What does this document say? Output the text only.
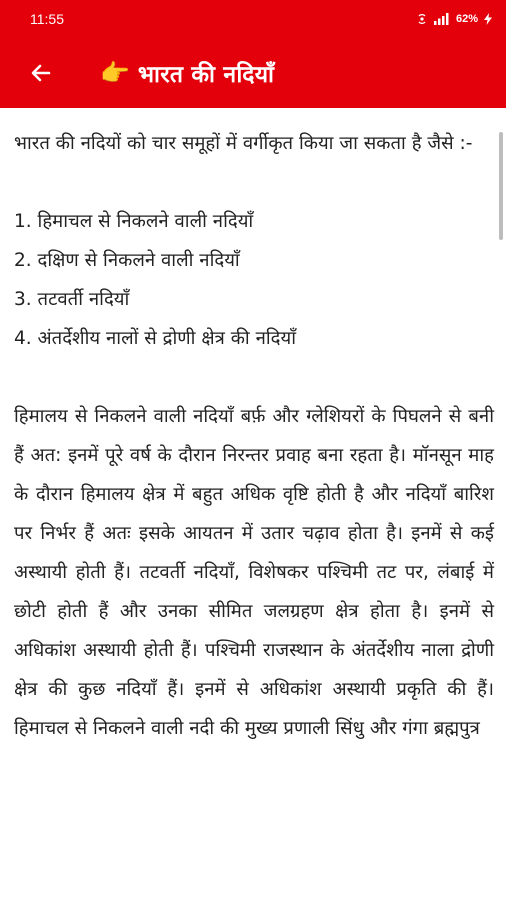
11:55	62%
👉 भारत की नदियाँ

भारत की नदियों को चार समूहों में वर्गीकृत किया जा सकता है जैसे :-

1. हिमाचल से निकलने वाली नदियाँ
2. दक्षिण से निकलने वाली नदियाँ
3. तटवर्ती नदियाँ
4. अंतर्देशीय नालों से द्रोणी क्षेत्र की नदियाँ

हिमालय से निकलने वाली नदियाँ बर्फ़ और ग्लेशियरों के पिघलने से बनी हैं अत: इनमें पूरे वर्ष के दौरान निरन्तर प्रवाह बना रहता है। मॉनसून माह के दौरान हिमालय क्षेत्र में बहुत अधिक वृष्टि होती है और नदियाँ बारिश पर निर्भर हैं अतः इसके आयतन में उतार चढ़ाव होता है। इनमें से कई अस्थायी होती हैं। तटवर्ती नदियाँ, विशेषकर पश्चिमी तट पर, लंबाई में छोटी होती हैं और उनका सीमित जलग्रहण क्षेत्र होता है। इनमें से अधिकांश अस्थायी होती हैं। पश्चिमी राजस्थान के अंतर्देशीय नाला द्रोणी क्षेत्र की कुछ नदियाँ हैं। इनमें से अधिकांश अस्थायी प्रकृति की हैं। हिमाचल से निकलने वाली नदी की मुख्य प्रणाली सिंधु और गंगा ब्रह्मपुत्र
